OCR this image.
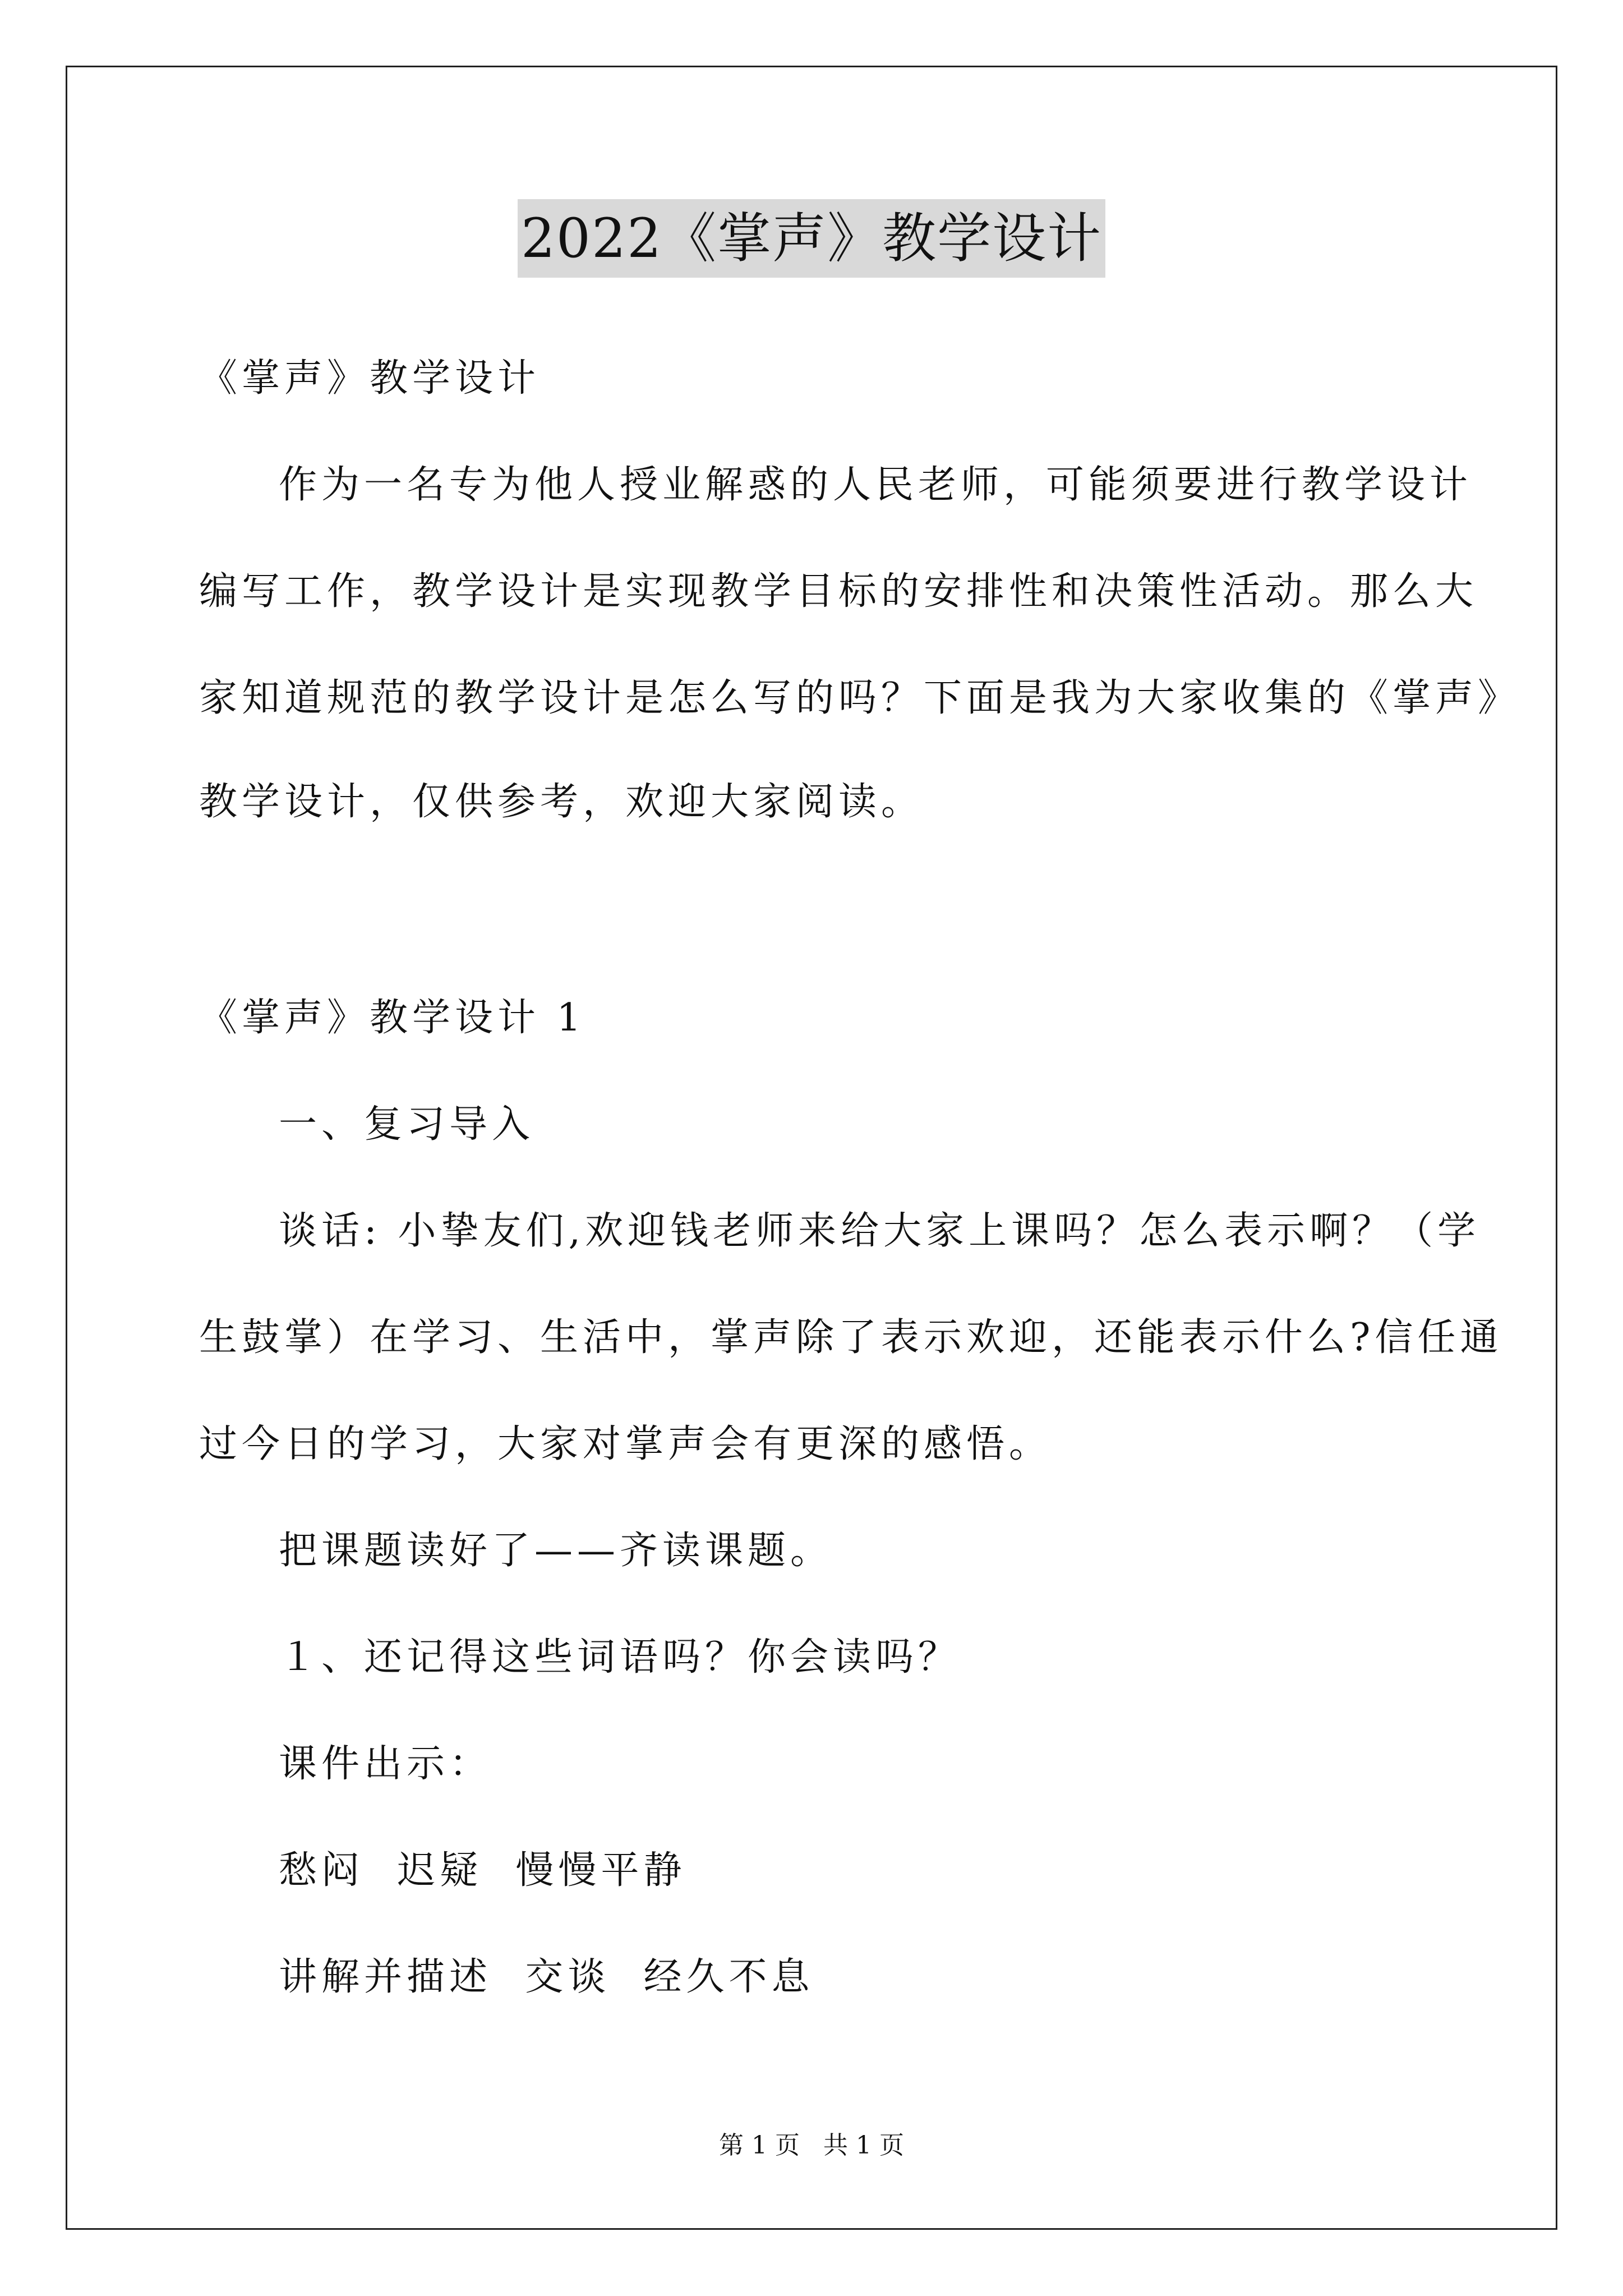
2022《掌声》教学设计
《掌声》教学设计
作为一名专为他人授业解惑的人民老师，可能须要进行教学设计
编写工作，教学设计是实现教学目标的安排性和决策性活动。那么大
家知道规范的教学设计是怎么写的吗？下面是我为大家收集的《掌声》
教学设计，仅供参考，欢迎大家阅读。
《掌声》教学设计 1
一、复习导入
谈话: 小挚友们,欢迎钱老师来给大家上课吗？怎么表示啊？（学
生鼓掌）在学习、生活中，掌声除了表示欢迎，还能表示什么?信任通
过今日的学习，大家对掌声会有更深的感悟。
把课题读好了——齐读课题。
１、还记得这些词语吗？你会读吗？
课件出示：
愁闷  迟疑  慢慢平静
讲解并描述  交谈  经久不息
第 1 页   共 1 页
